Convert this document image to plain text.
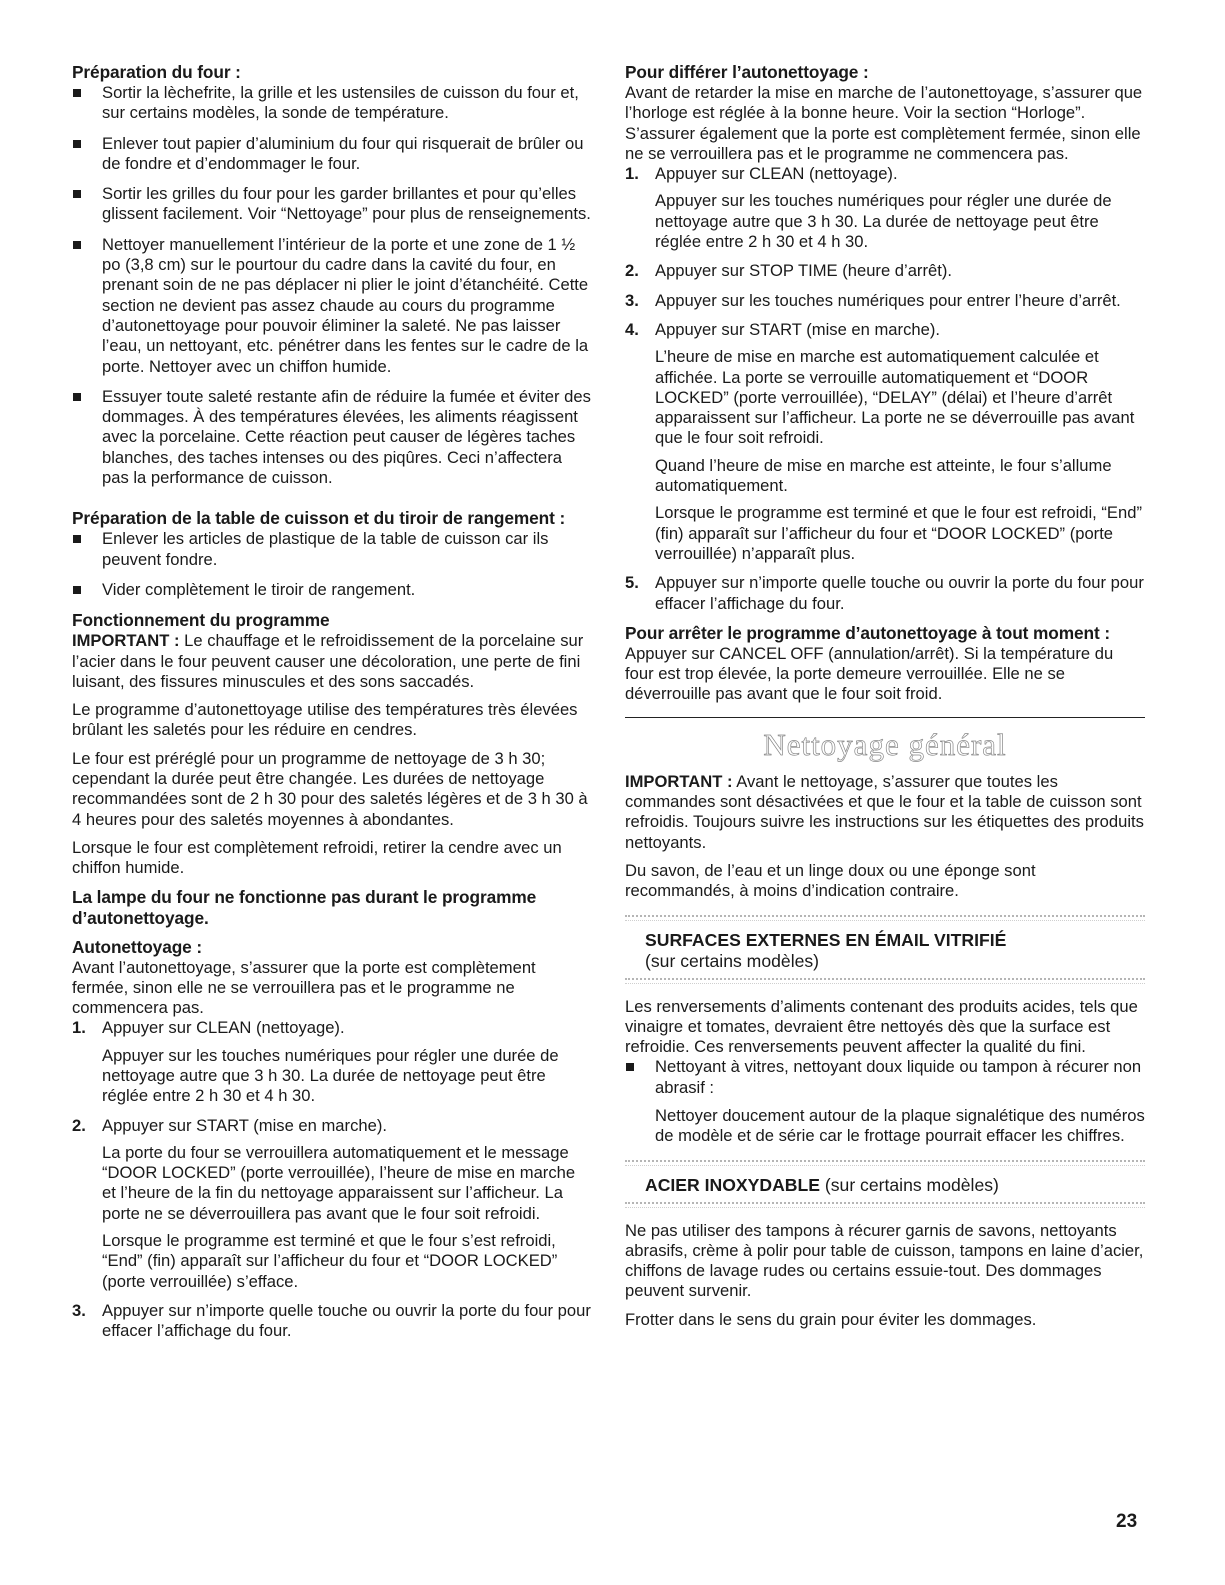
Préparation du four :
Sortir la lèchefrite, la grille et les ustensiles de cuisson du four et, sur certains modèles, la sonde de température.
Enlever tout papier d’aluminium du four qui risquerait de brûler ou de fondre et d’endommager le four.
Sortir les grilles du four pour les garder brillantes et pour qu’elles glissent facilement. Voir “Nettoyage” pour plus de renseignements.
Nettoyer manuellement l’intérieur de la porte et une zone de 1 ½ po (3,8 cm) sur le pourtour du cadre dans la cavité du four, en prenant soin de ne pas déplacer ni plier le joint d’étanchéité. Cette section ne devient pas assez chaude au cours du programme d’autonettoyage pour pouvoir éliminer la saleté. Ne pas laisser l’eau, un nettoyant, etc. pénétrer dans les fentes sur le cadre de la porte. Nettoyer avec un chiffon humide.
Essuyer toute saleté restante afin de réduire la fumée et éviter des dommages. À des températures élevées, les aliments réagissent avec la porcelaine. Cette réaction peut causer de légères taches blanches, des taches intenses ou des piqûres. Ceci n’affectera pas la performance de cuisson.
Préparation de la table de cuisson et du tiroir de rangement :
Enlever les articles de plastique de la table de cuisson car ils peuvent fondre.
Vider complètement le tiroir de rangement.
Fonctionnement du programme

IMPORTANT : Le chauffage et le refroidissement de la porcelaine sur l’acier dans le four peuvent causer une décoloration, une perte de fini luisant, des fissures minuscules et des sons saccadés.

Le programme d’autonettoyage utilise des températures très élevées brûlant les saletés pour les réduire en cendres.

Le four est préréglé pour un programme de nettoyage de 3 h 30; cependant la durée peut être changée. Les durées de nettoyage recommandées sont de 2 h 30 pour des saletés légères et de 3 h 30 à 4 heures pour des saletés moyennes à abondantes.

Lorsque le four est complètement refroidi, retirer la cendre avec un chiffon humide.

La lampe du four ne fonctionne pas durant le programme d’autonettoyage.
Autonettoyage :

Avant l’autonettoyage, s’assurer que la porte est complètement fermée, sinon elle ne se verrouillera pas et le programme ne commencera pas.

1. Appuyer sur CLEAN (nettoyage).
Appuyer sur les touches numériques pour régler une durée de nettoyage autre que 3 h 30. La durée de nettoyage peut être réglée entre 2 h 30 et 4 h 30.
2. Appuyer sur START (mise en marche).
La porte du four se verrouillera automatiquement et le message “DOOR LOCKED” (porte verrouillée), l’heure de mise en marche et l’heure de la fin du nettoyage apparaissent sur l’afficheur. La porte ne se déverrouillera pas avant que le four soit refroidi.
Lorsque le programme est terminé et que le four s’est refroidi, “End” (fin) apparaît sur l’afficheur du four et “DOOR LOCKED” (porte verrouillée) s’efface.
3. Appuyer sur n’importe quelle touche ou ouvrir la porte du four pour effacer l’affichage du four.
Pour différer l’autonettoyage :

Avant de retarder la mise en marche de l’autonettoyage, s’assurer que l’horloge est réglée à la bonne heure. Voir la section “Horloge”. S’assurer également que la porte est complètement fermée, sinon elle ne se verrouillera pas et le programme ne commencera pas.

1. Appuyer sur CLEAN (nettoyage).
Appuyer sur les touches numériques pour régler une durée de nettoyage autre que 3 h 30. La durée de nettoyage peut être réglée entre 2 h 30 et 4 h 30.
2. Appuyer sur STOP TIME (heure d’arrêt).
3. Appuyer sur les touches numériques pour entrer l’heure d’arrêt.
4. Appuyer sur START (mise en marche).
L’heure de mise en marche est automatiquement calculée et affichée. La porte se verrouille automatiquement et “DOOR LOCKED” (porte verrouillée), “DELAY” (délai) et l’heure d’arrêt apparaissent sur l’afficheur. La porte ne se déverrouille pas avant que le four soit refroidi.
Quand l’heure de mise en marche est atteinte, le four s’allume automatiquement.
Lorsque le programme est terminé et que le four est refroidi, “End” (fin) apparaît sur l’afficheur du four et “DOOR LOCKED” (porte verrouillée) n’apparaît plus.
5. Appuyer sur n’importe quelle touche ou ouvrir la porte du four pour effacer l’affichage du four.
Pour arrêter le programme d’autonettoyage à tout moment :

Appuyer sur CANCEL OFF (annulation/arrêt). Si la température du four est trop élevée, la porte demeure verrouillée. Elle ne se déverrouille pas avant que le four soit froid.

Nettoyage général

IMPORTANT : Avant le nettoyage, s’assurer que toutes les commandes sont désactivées et que le four et la table de cuisson sont refroidis. Toujours suivre les instructions sur les étiquettes des produits nettoyants.

Du savon, de l’eau et un linge doux ou une éponge sont recommandés, à moins d’indication contraire.

SURFACES EXTERNES EN ÉMAIL VITRIFIÉ
(sur certains modèles)

Les renversements d’aliments contenant des produits acides, tels que vinaigre et tomates, devraient être nettoyés dès que la surface est refroidie. Ces renversements peuvent affecter la qualité du fini.

Nettoyant à vitres, nettoyant doux liquide ou tampon à récurer non abrasif :

Nettoyer doucement autour de la plaque signalétique des numéros de modèle et de série car le frottage pourrait effacer les chiffres.

ACIER INOXYDABLE (sur certains modèles)

Ne pas utiliser des tampons à récurer garnis de savons, nettoyants abrasifs, crème à polir pour table de cuisson, tampons en laine d’acier, chiffons de lavage rudes ou certains essuie-tout. Des dommages peuvent survenir.

Frotter dans le sens du grain pour éviter les dommages.

23
